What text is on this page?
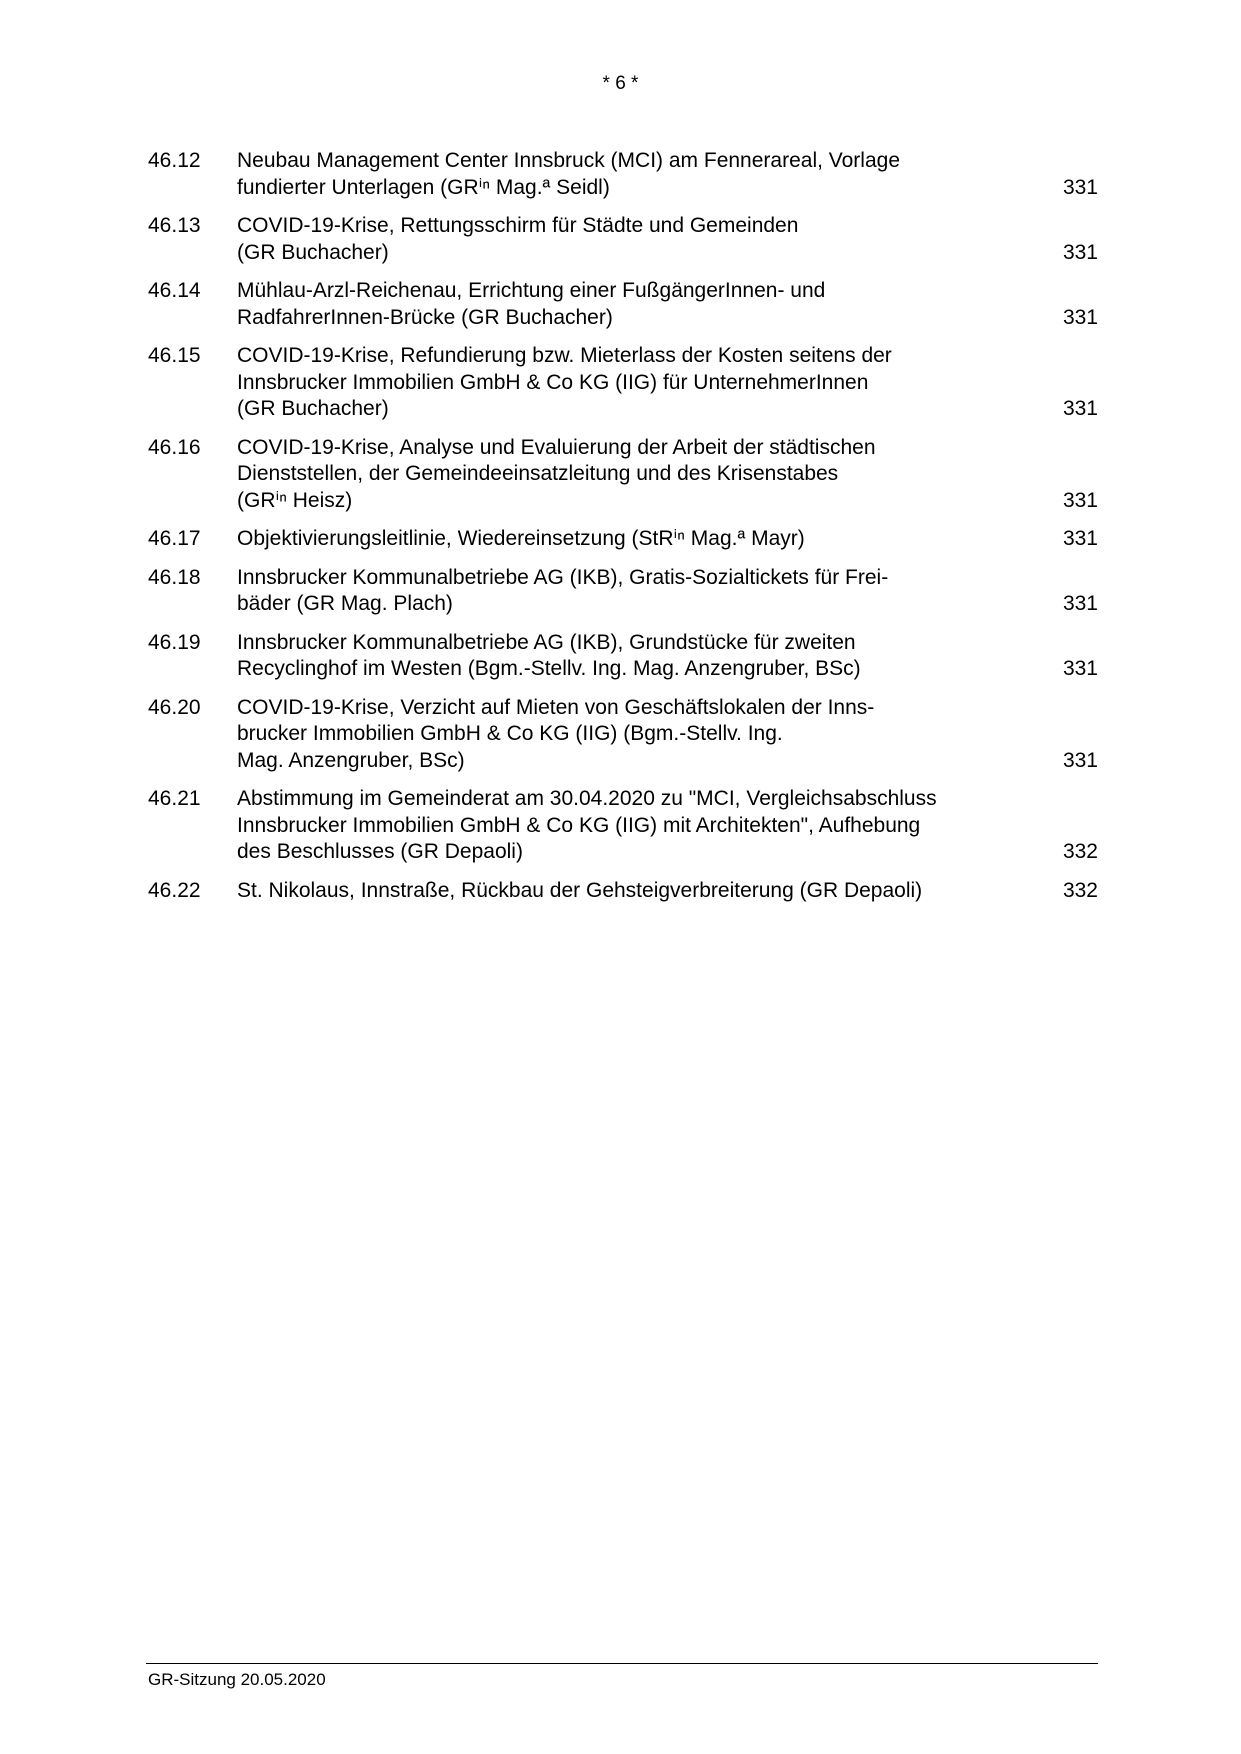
* 6 *
46.12	Neubau Management Center Innsbruck (MCI) am Fennerareal, Vorlage
fundierter Unterlagen (GRⁱⁿ Mag.ª Seidl)	331
46.13	COVID-19-Krise, Rettungsschirm für Städte und Gemeinden
(GR Buchacher)	331
46.14	Mühlau-Arzl-Reichenau, Errichtung einer FußgängerInnen- und
RadfahrerInnen-Brücke (GR Buchacher)	331
46.15	COVID-19-Krise, Refundierung bzw. Mieterlass der Kosten seitens der
Innsbrucker Immobilien GmbH & Co KG (IIG) für UnternehmerInnen
(GR Buchacher)	331
46.16	COVID-19-Krise, Analyse und Evaluierung der Arbeit der städtischen
Dienststellen, der Gemeindeeinsatzleitung und des Krisenstabes
(GRⁱⁿ Heisz)	331
46.17	Objektivierungsleitlinie, Wiedereinsetzung (StRⁱⁿ Mag.ª Mayr)	331
46.18	Innsbrucker Kommunalbetriebe AG (IKB), Gratis-Sozialtickets für Frei-
bäder (GR Mag. Plach)	331
46.19	Innsbrucker Kommunalbetriebe AG (IKB), Grundstücke für zweiten
Recyclinghof im Westen (Bgm.-Stellv. Ing. Mag. Anzengruber, BSc)	331
46.20	COVID-19-Krise, Verzicht auf Mieten von Geschäftslokalen der Inns-
brucker Immobilien GmbH & Co KG (IIG) (Bgm.-Stellv. Ing.
Mag. Anzengruber, BSc)	331
46.21	Abstimmung im Gemeinderat am 30.04.2020 zu "MCI, Vergleichsabschluss
Innsbrucker Immobilien GmbH & Co KG (IIG) mit Architekten", Aufhebung
des Beschlusses (GR Depaoli)	332
46.22	St. Nikolaus, Innstraße, Rückbau der Gehsteigverbreiterung (GR Depaoli)	332
GR-Sitzung 20.05.2020
